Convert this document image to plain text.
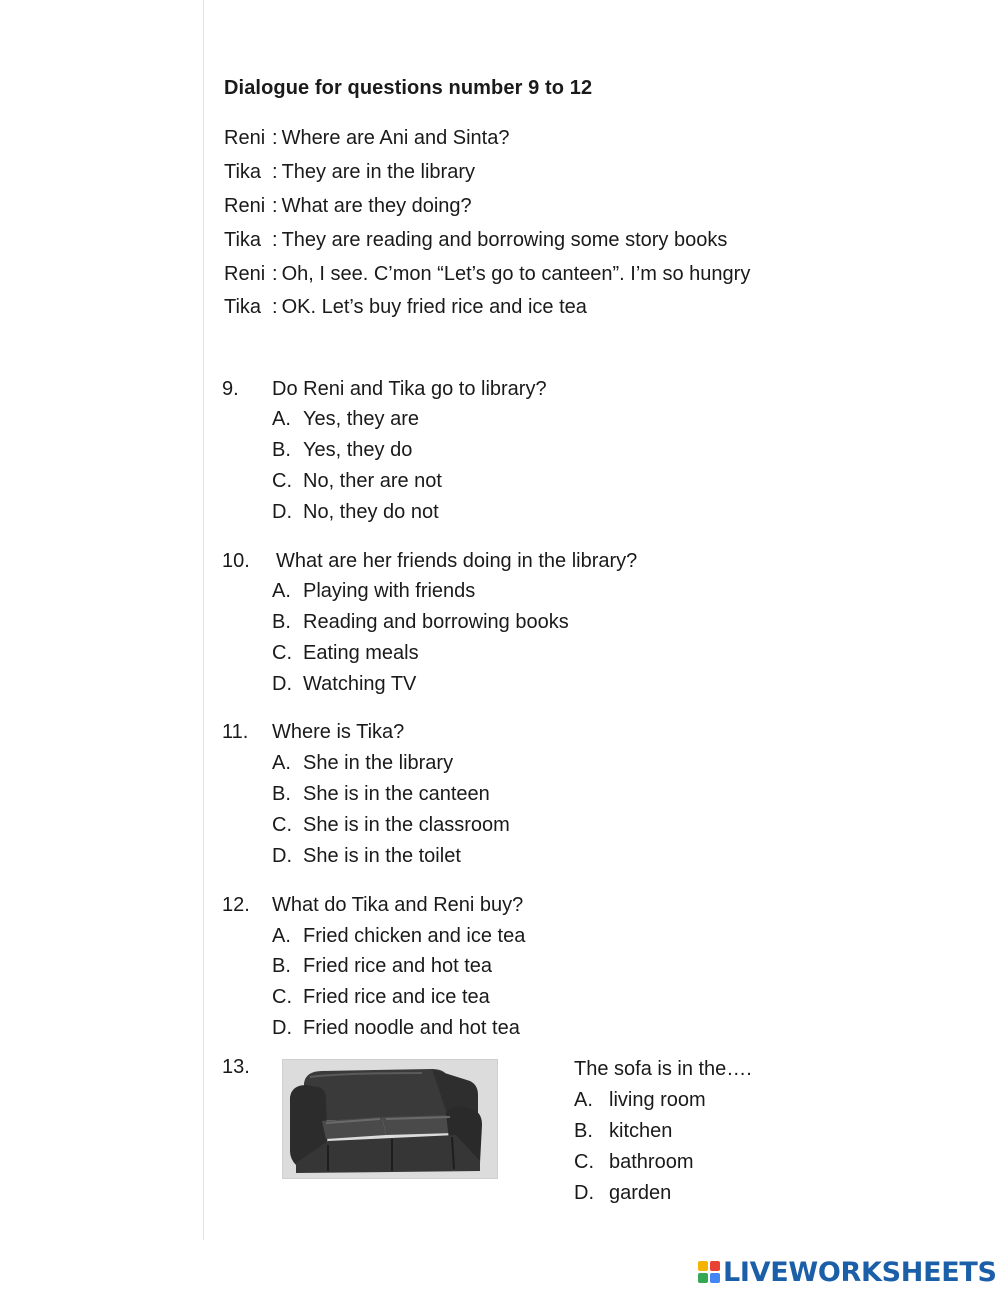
Dialogue for questions number 9 to 12
Reni : Where are Ani and Sinta?
Tika : They are in the library
Reni : What are they doing?
Tika : They are reading and borrowing some story books
Reni : Oh, I see. C’mon “Let’s go to canteen”. I’m so hungry
Tika : OK. Let’s buy fried rice and ice tea
9. Do Reni and Tika go to library?
A. Yes, they are
B. Yes, they do
C. No, ther are not
D. No, they do not
10. What are her friends doing in the library?
A. Playing with friends
B. Reading and borrowing books
C. Eating meals
D. Watching TV
11. Where is Tika?
A. She in the library
B. She is in the canteen
C. She is in the classroom
D. She is in the toilet
12. What do Tika and Reni buy?
A. Fried chicken and ice tea
B. Fried rice and hot tea
C. Fried rice and ice tea
D. Fried noodle and hot tea
13.	The sofa is in the….
A. living room
B. kitchen
C. bathroom
D. garden
LIVEWORKSHEETS
